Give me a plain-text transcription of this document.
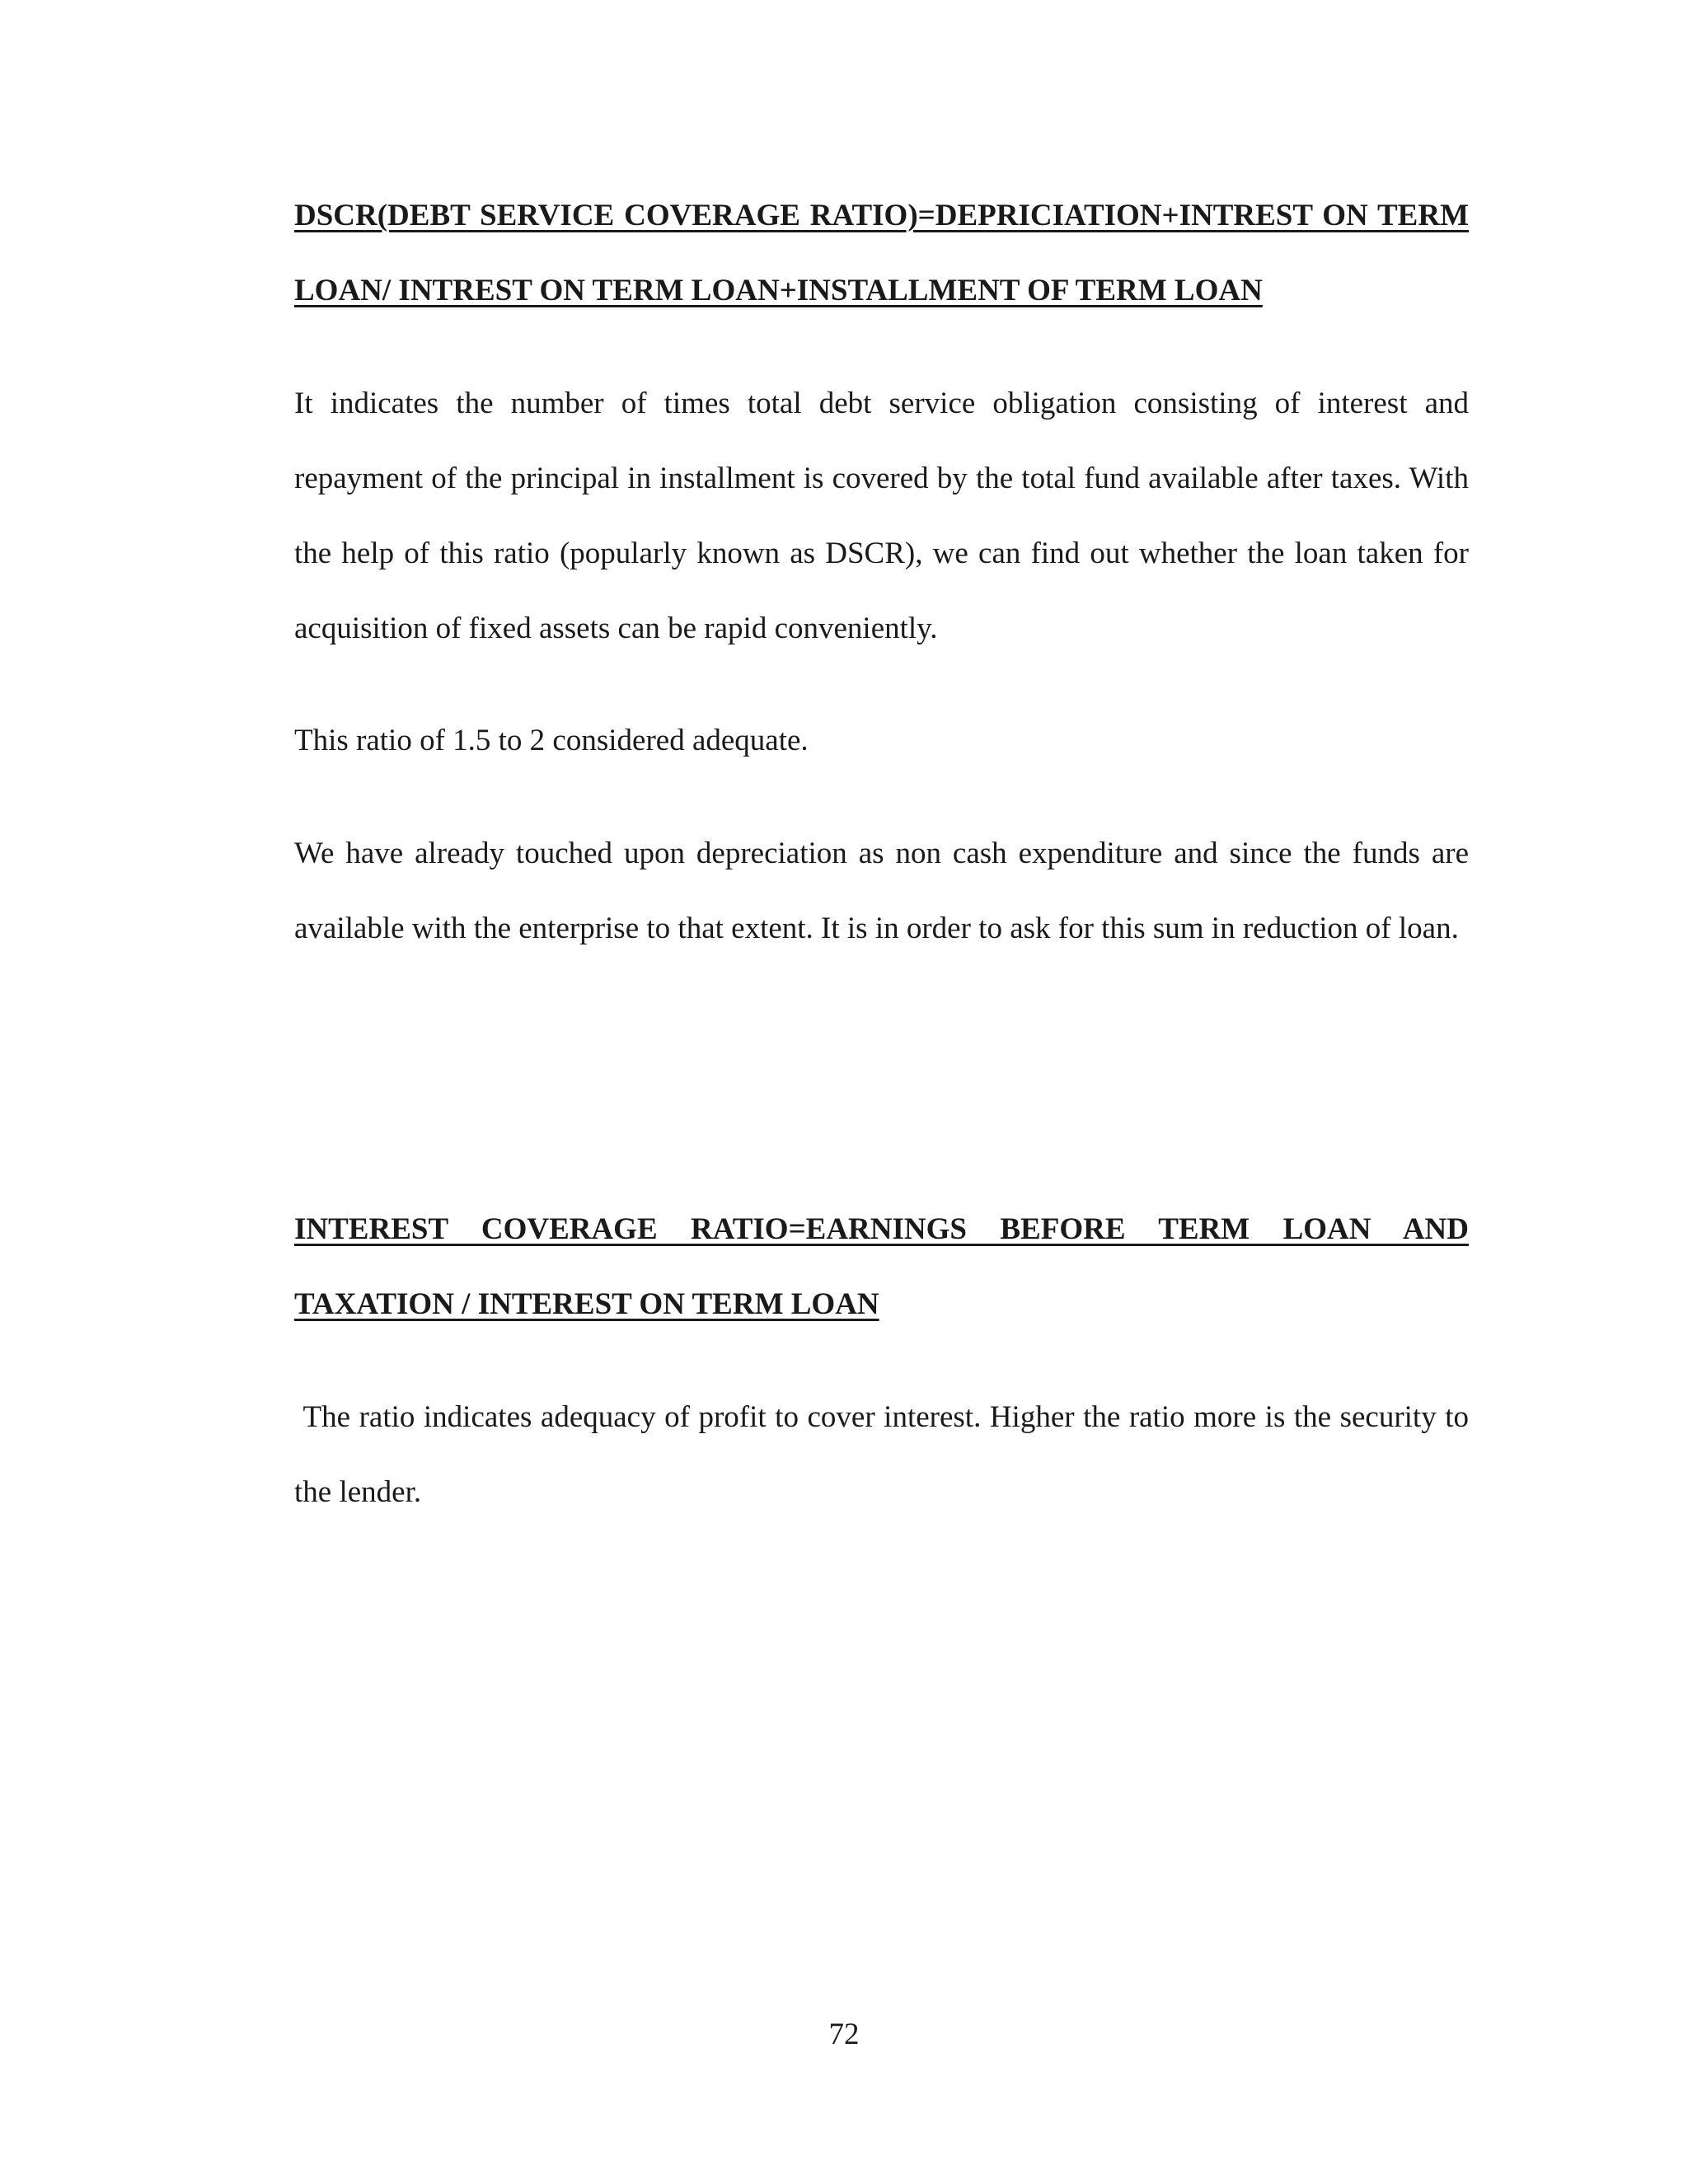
DSCR(DEBT SERVICE COVERAGE RATIO)=DEPRICIATION+INTREST ON TERM LOAN/ INTREST ON TERM LOAN+INSTALLMENT OF TERM LOAN

It indicates the number of times total debt service obligation consisting of interest and repayment of the principal in installment is covered by the total fund available after taxes. With the help of this ratio (popularly known as DSCR), we can find out whether the loan taken for acquisition of fixed assets can be rapid conveniently.

This ratio of 1.5 to 2 considered adequate.

We have already touched upon depreciation as non cash expenditure and since the funds are available with the enterprise to that extent. It is in order to ask for this sum in reduction of loan.

INTEREST COVERAGE RATIO=EARNINGS BEFORE TERM LOAN AND TAXATION / INTEREST ON TERM LOAN

The ratio indicates adequacy of profit to cover interest. Higher the ratio more is the security to the lender.

72
